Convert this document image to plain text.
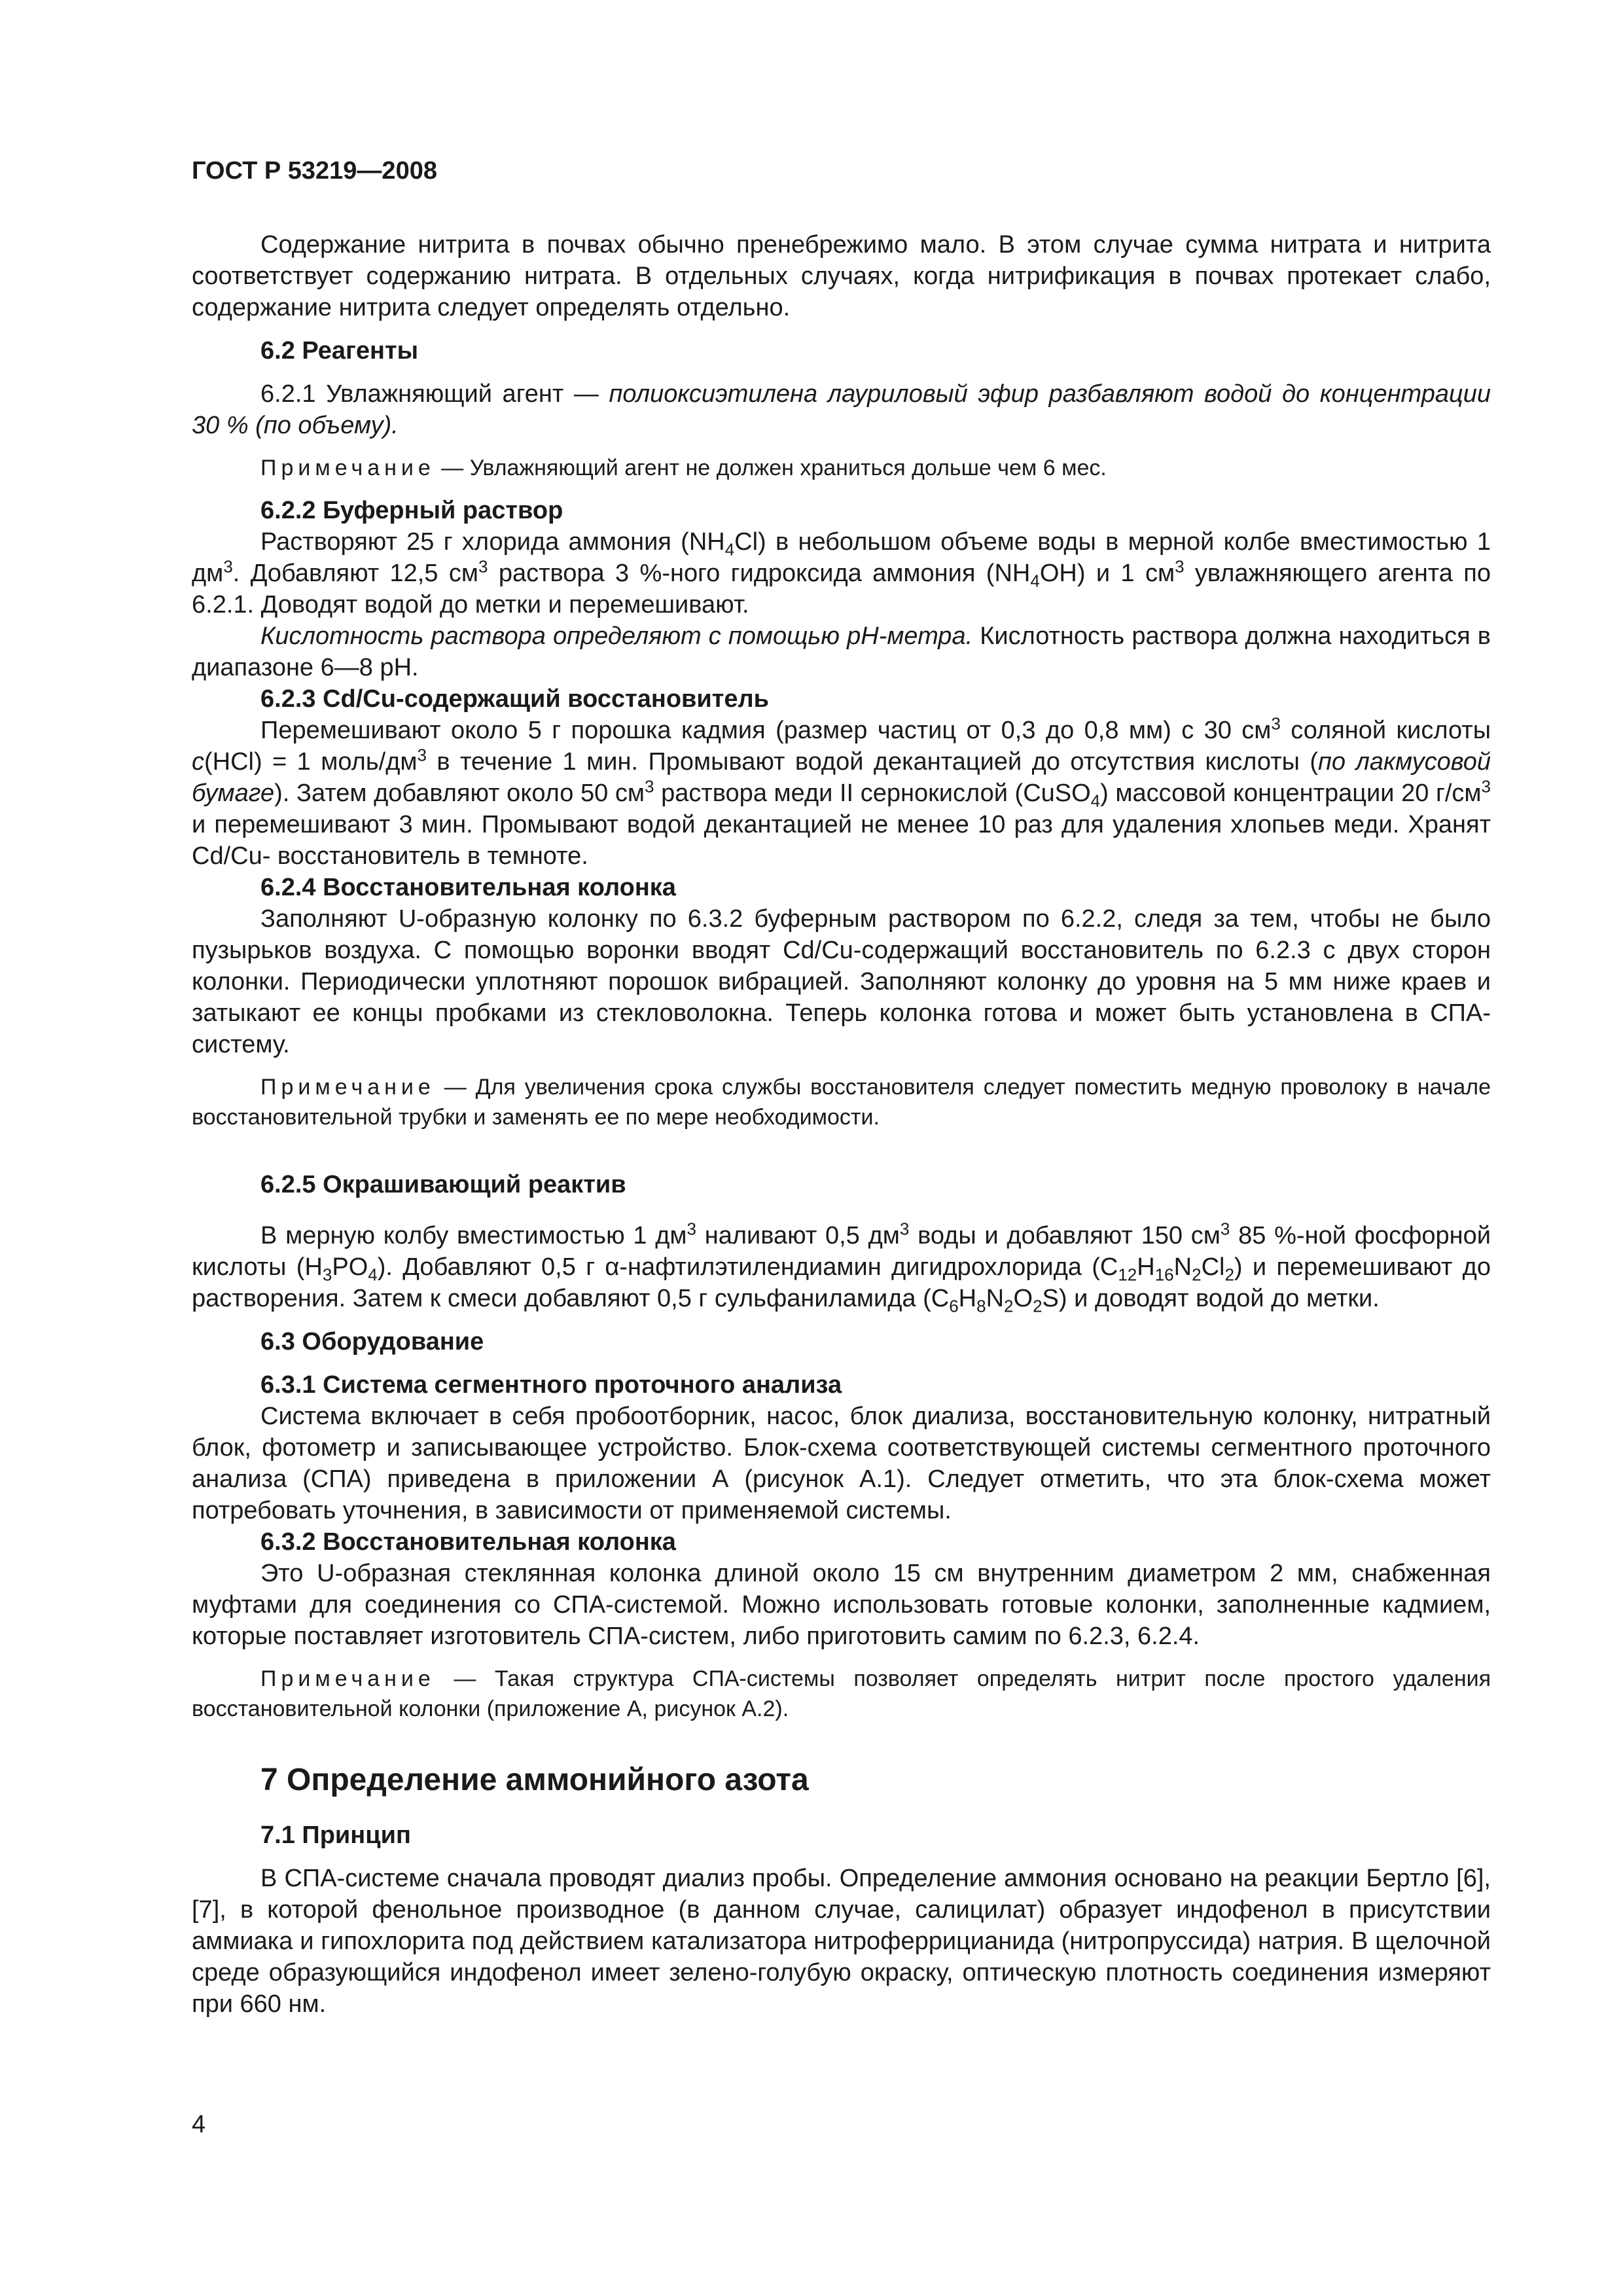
ГОСТ Р 53219—2008

Содержание нитрита в почвах обычно пренебрежимо мало. В этом случае сумма нитрата и нитрита соответствует содержанию нитрата. В отдельных случаях, когда нитрификация в почвах протекает слабо, содержание нитрита следует определять отдельно.

6.2 Реагенты

6.2.1 Увлажняющий агент — полиоксиэтилена лауриловый эфир разбавляют водой до концентрации 30 % (по объему).

Примечание — Увлажняющий агент не должен храниться дольше чем 6 мес.

6.2.2 Буферный раствор

Растворяют 25 г хлорида аммония $(NH_4Cl)$ в небольшом объеме воды в мерной колбе вместимостью 1 $дм^3$. Добавляют 12,5 $см^3$ раствора 3 %-ного гидроксида аммония $(NH_4OH)$ и 1 $см^3$ увлажняющего агента по 6.2.1. Доводят водой до метки и перемешивают.

Кислотность раствора определяют с помощью pH-метра. Кислотность раствора должна находиться в диапазоне 6—8 pH.

6.2.3 Cd/Cu-содержащий восстановитель

Перемешивают около 5 г порошка кадмия (размер частиц от 0,3 до 0,8 мм) с 30 $см^3$ соляной кислоты c(HCl) = 1 моль/$дм^3$ в течение 1 мин. Промывают водой декантацией до отсутствия кислоты (по лакмусовой бумаге). Затем добавляют около 50 $см^3$ раствора меди II сернокислой (CuSO$_4$) массовой концентрации 20 $г/см^3$ и перемешивают 3 мин. Промывают водой декантацией не менее 10 раз для удаления хлопьев меди. Хранят Cd/Cu- восстановитель в темноте.

6.2.4 Восстановительная колонка

Заполняют U-образную колонку по 6.3.2 буферным раствором по 6.2.2, следя за тем, чтобы не было пузырьков воздуха. С помощью воронки вводят Cd/Cu-содержащий восстановитель по 6.2.3 с двух сторон колонки. Периодически уплотняют порошок вибрацией. Заполняют колонку до уровня на 5 мм ниже краев и затыкают ее концы пробками из стекловолокна. Теперь колонка готова и может быть установлена в СПА-систему.

Примечание — Для увеличения срока службы восстановителя следует поместить медную проволоку в начале восстановительной трубки и заменять ее по мере необходимости.

6.2.5 Окрашивающий реактив

В мерную колбу вместимостью 1 $дм^3$ наливают 0,5 $дм^3$ воды и добавляют 150 $см^3$ 85 %-ной фосфорной кислоты $(H_3PO_4)$. Добавляют 0,5 г α-нафтилэтилендиамин дигидрохлорида $(C_{12}H_{16}N_2Cl_2)$ и перемешивают до растворения. Затем к смеси добавляют 0,5 г сульфаниламида $(C_6H_8N_2O_2S)$ и доводят водой до метки.

6.3 Оборудование
6.3.1 Система сегментного проточного анализа

Система включает в себя пробоотборник, насос, блок диализа, восстановительную колонку, нитратный блок, фотометр и записывающее устройство. Блок-схема соответствующей системы сегментного проточного анализа (СПА) приведена в приложении А (рисунок А.1). Следует отметить, что эта блок-схема может потребовать уточнения, в зависимости от применяемой системы.

6.3.2 Восстановительная колонка

Это U-образная стеклянная колонка длиной около 15 см внутренним диаметром 2 мм, снабженная муфтами для соединения со СПА-системой. Можно использовать готовые колонки, заполненные кадмием, которые поставляет изготовитель СПА-систем, либо приготовить самим по 6.2.3, 6.2.4.

Примечание — Такая структура СПА-системы позволяет определять нитрит после простого удаления восстановительной колонки (приложение А, рисунок А.2).

7 Определение аммонийного азота
7.1 Принцип

В СПА-системе сначала проводят диализ пробы. Определение аммония основано на реакции Бертло [6], [7], в которой фенольное производное (в данном случае, салицилат) образует индофенол в присутствии аммиака и гипохлорита под действием катализатора нитроферрицианида (нитропруссида) натрия. В щелочной среде образующийся индофенол имеет зелено-голубую окраску, оптическую плотность соединения измеряют при 660 нм.

4
